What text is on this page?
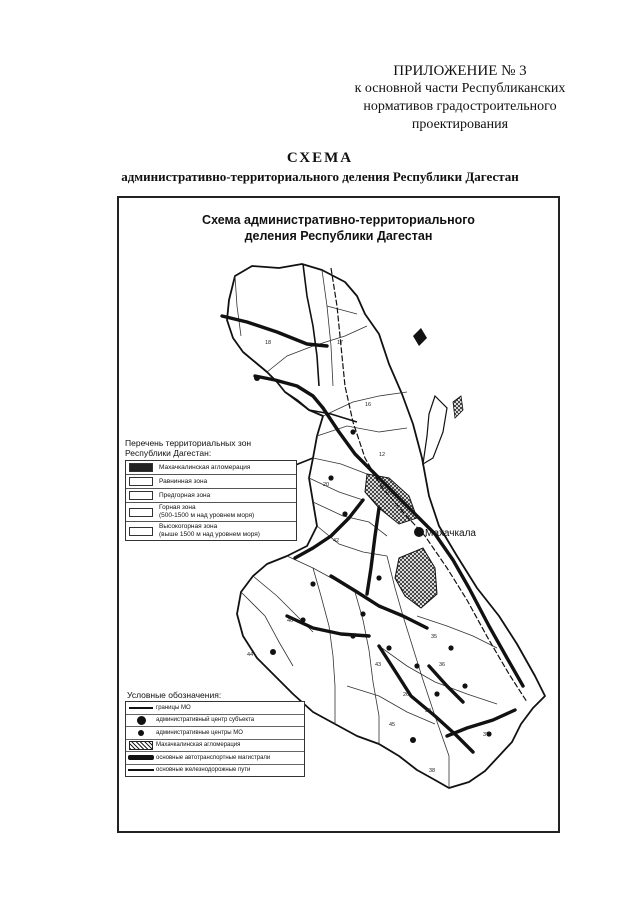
ПРИЛОЖЕНИЕ № 3
к основной части Республиканских
нормативов градостроительного
проектирования
СХЕМА
административно-территориального деления Республики Дагестан
Схема административно-территориального
деления Республики Дагестан
18	17
16
12
20
42
46
44
35
36
43
37
26
30
45
38
Махачкала
Перечень территориальных зон
Республики Дагестан:
Махачкалинская агломерация
Равнинная зона
Предгорная зона
Горная зона
(500-1500 м над уровнем моря)
Высокогорная зона
(выше 1500 м над уровнем моря)
Условные обозначения:
границы МО
административный центр субъекта
административные центры МО
Махачкалинская агломерация
основные автотранспортные магистрали
основные железнодорожные пути
